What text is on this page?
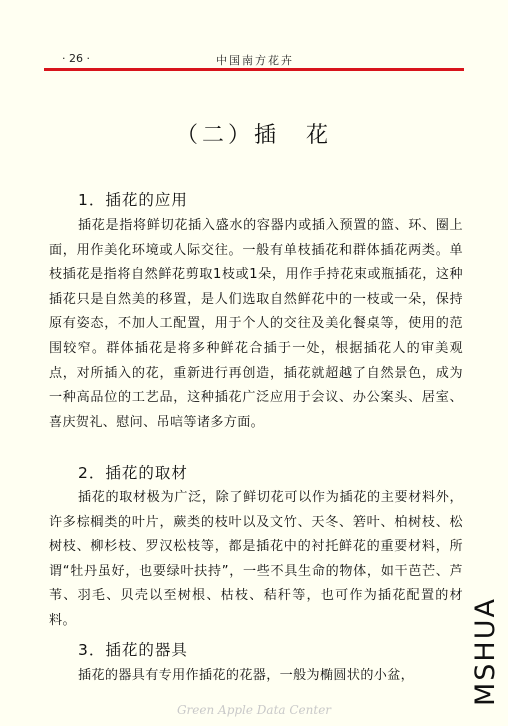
· 26 ·	中国南方花卉
（二）插　花
1．插花的应用

插花是指将鲜切花插入盛水的容器内或插入预置的篮、环、圈上面，用作美化环境或人际交往。一般有单枝插花和群体插花两类。单枝插花是指将自然鲜花剪取1枝或1朵，用作手持花束或瓶插花，这种插花只是自然美的移置，是人们选取自然鲜花中的一枝或一朵，保持原有姿态，不加人工配置，用于个人的交往及美化餐桌等，使用的范围较窄。群体插花是将多种鲜花合插于一处，根据插花人的审美观点，对所插入的花，重新进行再创造，插花就超越了自然景色，成为一种高品位的工艺品，这种插花广泛应用于会议、办公案头、居室、喜庆贺礼、慰问、吊唁等诸多方面。

2．插花的取材

插花的取材极为广泛，除了鲜切花可以作为插花的主要材料外，许多棕榈类的叶片，蕨类的枝叶以及文竹、天冬、箬叶、柏树枝、松树枝、柳杉枝、罗汉松枝等，都是插花中的衬托鲜花的重要材料，所谓“牡丹虽好，也要绿叶扶持”，一些不具生命的物体，如干芭芒、芦苇、羽毛、贝壳以至树根、枯枝、秸秆等，也可作为插花配置的材料。

3．插花的器具

插花的器具有专用作插花的花器，一般为椭圆状的小盆，

Green Apple Data Center
MSHUA
